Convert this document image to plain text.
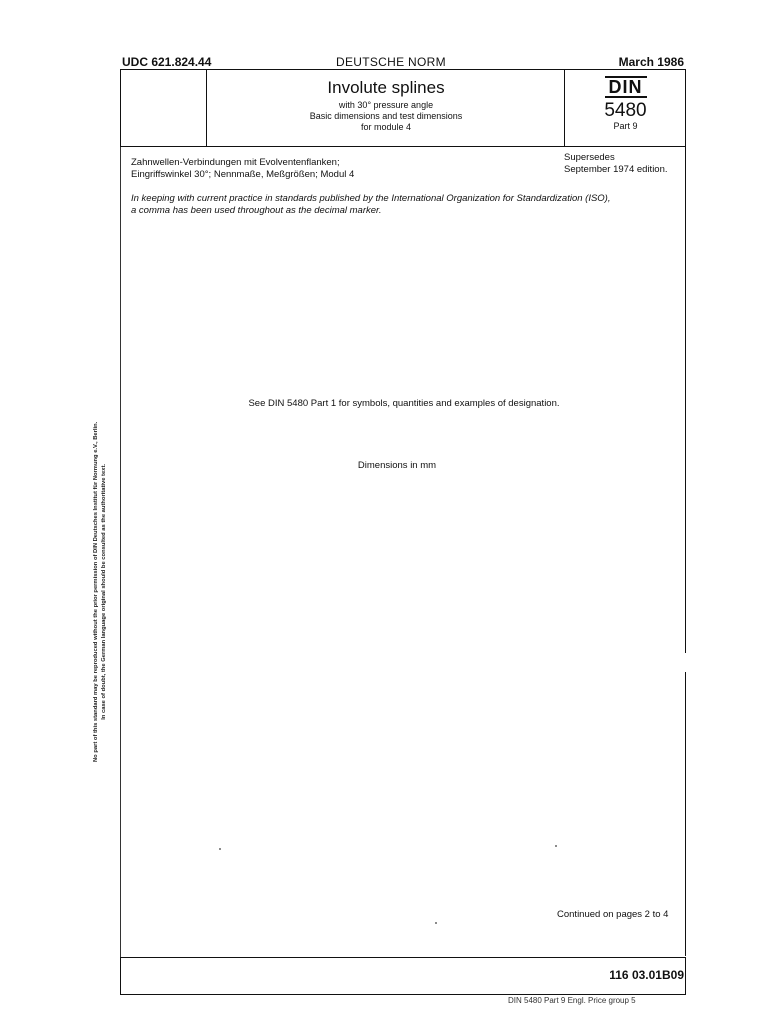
UDC 621.824.44	DEUTSCHE NORM	March 1986
Involute splines
with 30° pressure angle
Basic dimensions and test dimensions
for module 4
DIN
5480
Part 9
Zahnwellen-Verbindungen mit Evolventenflanken;
Eingriffswinkel 30°; Nennmaße, Meßgrößen; Modul 4
Supersedes
September 1974 edition.
In keeping with current practice in standards published by the International Organization for Standardization (ISO),
a comma has been used throughout as the decimal marker.
See DIN 5480 Part 1 for symbols, quantities and examples of designation.
Dimensions in mm
Continued on pages 2 to 4
116 03.01B09
DIN 5480 Part 9 Engl. Price group 5
No part of this standard may be reproduced without the prior permission of DIN Deutsches Institut für Normung e.V., Berlin. In case of doubt, the German language original should be consulted as the authoritative text.
